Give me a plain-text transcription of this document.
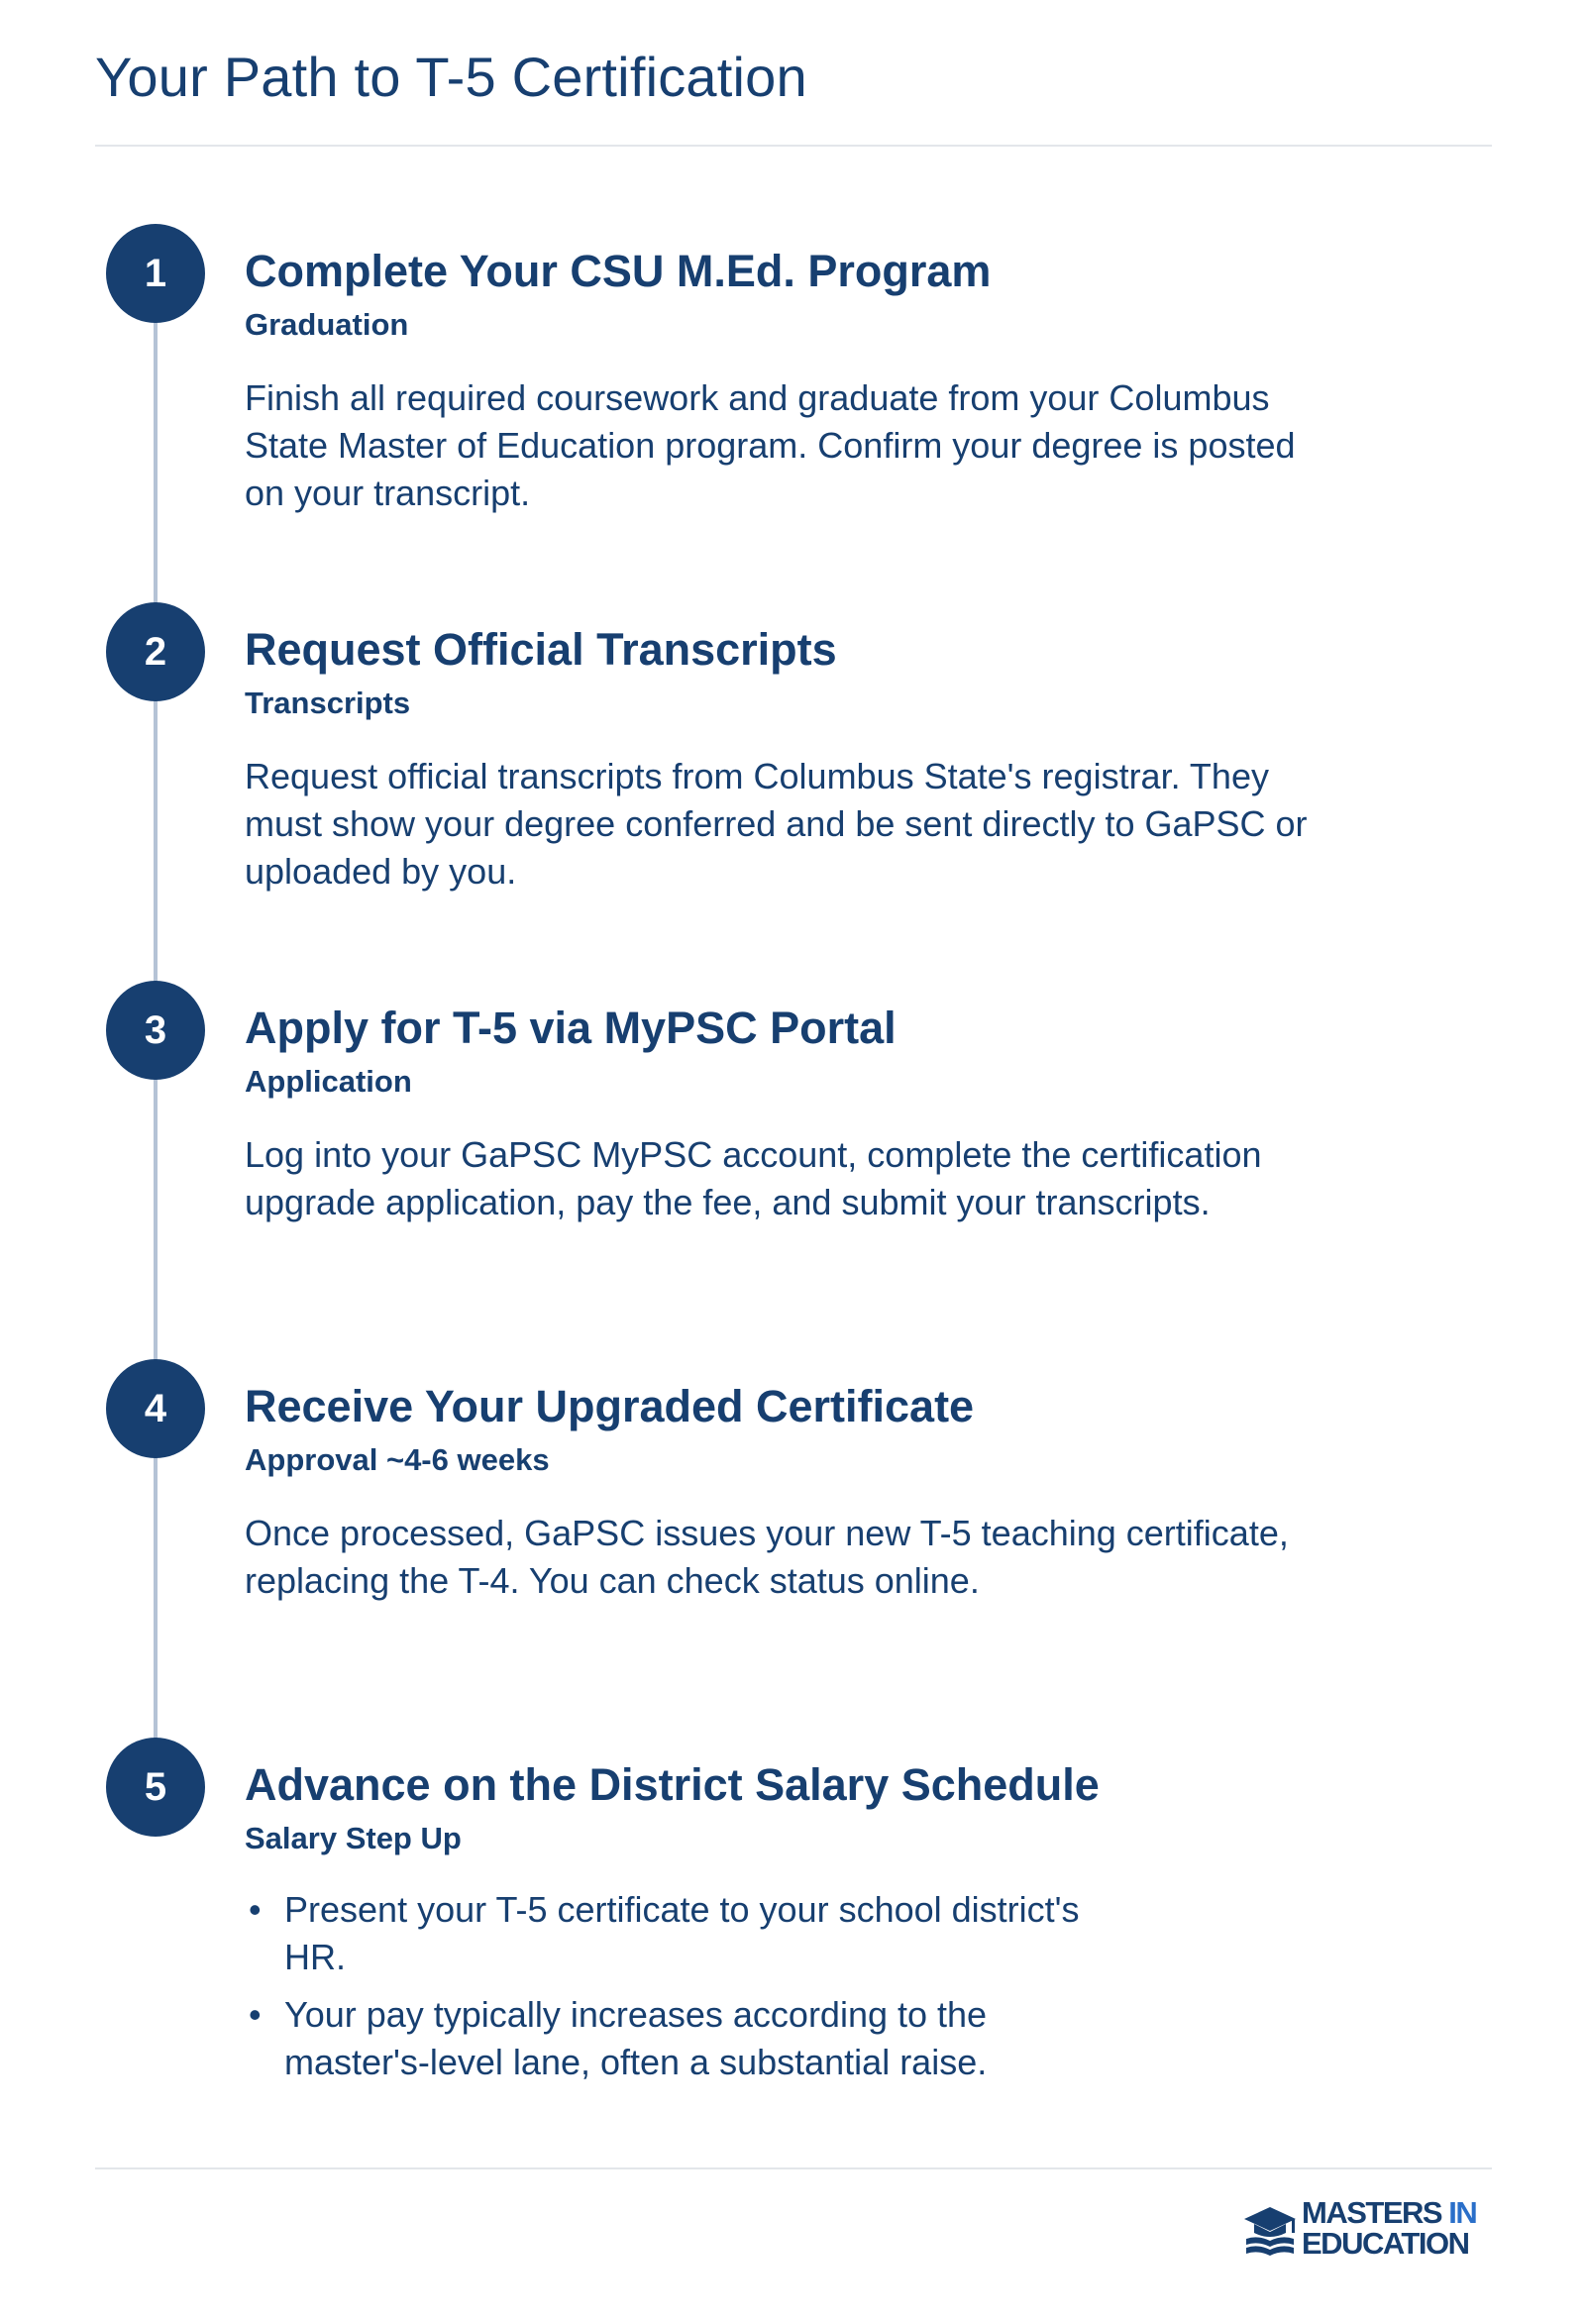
Your Path to T-5 Certification
1	Complete Your CSU M.Ed. Program

Graduation

Finish all required coursework and graduate from your Columbus State Master of Education program. Confirm your degree is posted on your transcript.

2	Request Official Transcripts

Transcripts

Request official transcripts from Columbus State's registrar. They must show your degree conferred and be sent directly to GaPSC or uploaded by you.

3	Apply for T-5 via MyPSC Portal

Application

Log into your GaPSC MyPSC account, complete the certification upgrade application, pay the fee, and submit your transcripts.

4	Receive Your Upgraded Certificate

Approval ~4-6 weeks

Once processed, GaPSC issues your new T-5 teaching certificate, replacing the T-4. You can check status online.

5	Advance on the District Salary Schedule

Salary Step Up

• Present your T-5 certificate to your school district's HR.
• Your pay typically increases according to the master's-level lane, often a substantial raise.
MASTERS IN
EDUCATION
